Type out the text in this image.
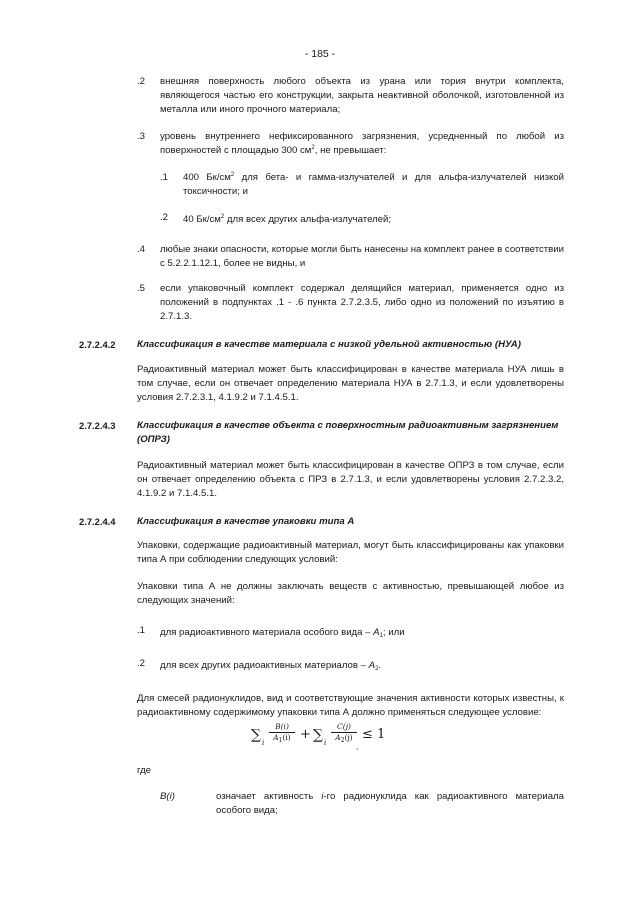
- 185 -
.2 внешняя поверхность любого объекта из урана или тория внутри комплекта, являющегося частью его конструкции, закрыта неактивной оболочкой, изготовленной из металла или иного прочного материала;
.3 уровень внутреннего нефиксированного загрязнения, усредненный по любой из поверхностей с площадью 300 $см^2$, не превышает:
.1 400 $Бк/см^2$ для бета- и гамма-излучателей и для альфа-излучателей низкой токсичности; и
.2 40 $Бк/см^2$ для всех других альфа-излучателей;
.4 любые знаки опасности, которые могли быть нанесены на комплект ранее в соответствии с 5.2.2.1.12.1, более не видны, и
.5 если упаковочный комплект содержал делящийся материал, применяется одно из положений в подпунктах .1 - .6 пункта 2.7.2.3.5, либо одно из положений по изъятию в 2.7.1.3.
2.7.2.4.2 Классификация в качестве материала с низкой удельной активностью (НУА)
Радиоактивный материал может быть классифицирован в качестве материала НУА лишь в том случае, если он отвечает определению материала НУА в 2.7.1.3, и если удовлетворены условия 2.7.2.3.1, 4.1.9.2 и 7.1.4.5.1.
2.7.2.4.3 Классификация в качестве объекта с поверхностным радиоактивным загрязнением (ОПРЗ)
Радиоактивный материал может быть классифицирован в качестве ОПРЗ в том случае, если он отвечает определению объекта с ПРЗ в 2.7.1.3, и если удовлетворены условия 2.7.2.3.2, 4.1.9.2 и 7.1.4.5.1.
2.7.2.4.4 Классификация в качестве упаковки типа А
Упаковки, содержащие радиоактивный материал, могут быть классифицированы как упаковки типа А при соблюдении следующих условий:
Упаковки типа А не должны заключать веществ с активностью, превышающей любое из следующих значений:
.1 для радиоактивного материала особого вида – $A_1$; или
.2 для всех других радиоактивных материалов – $A_2$.
Для смесей радионуклидов, вид и соответствующие значения активности которых известны, к радиоактивному содержимому упаковки типа А должно применяться следующее условие:
∑ i
B(i)
$A_1(i)$ + ∑ i
C(j)
$A_2(j) \le 1$
,
где
B(i)	означает активность i-го радионуклида как радиоактивного материала особого вида;
